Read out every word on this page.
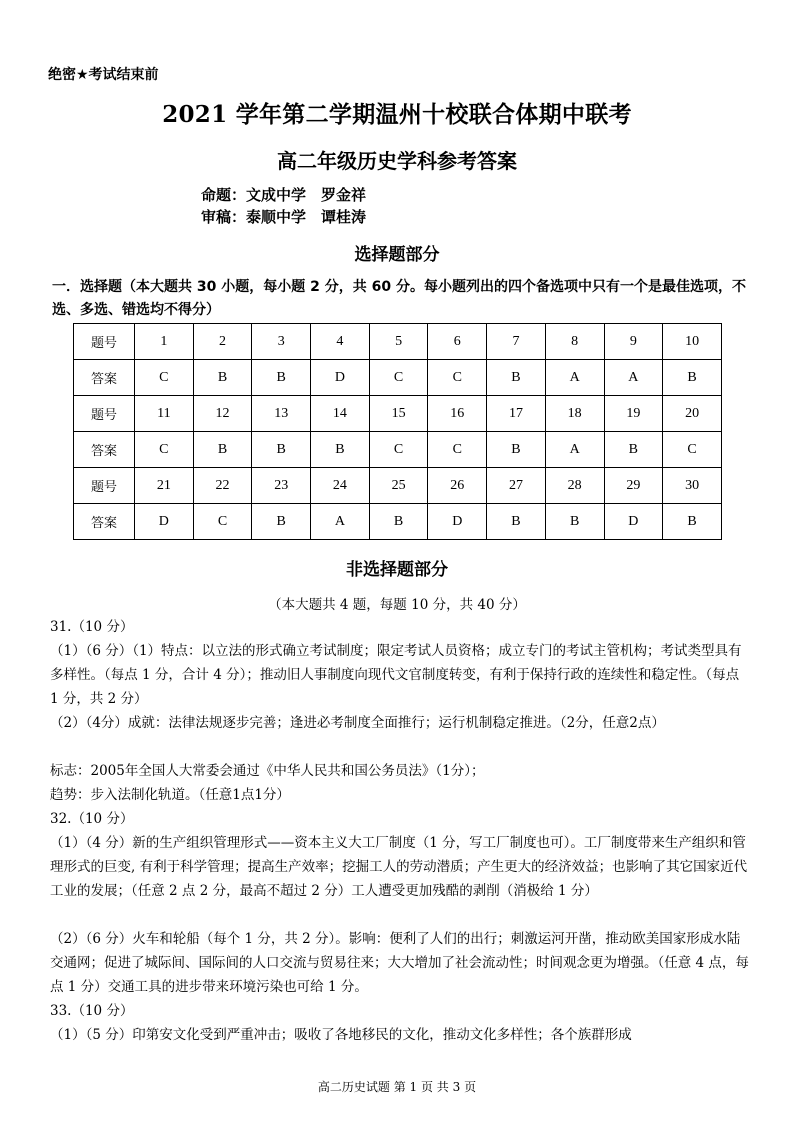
绝密★考试结束前
2021 学年第二学期温州十校联合体期中联考
高二年级历史学科参考答案
命题：文成中学　罗金祥
审稿：泰顺中学　谭桂涛
选择题部分
一．选择题（本大题共 30 小题，每小题 2 分，共 60 分。每小题列出的四个备选项中只有一个是最佳选项，不选、多选、错选均不得分）
题号	1	2	3	4	5	6	7	8	9	10
答案	C	B	B	D	C	C	B	A	A	B
题号	11	12	13	14	15	16	17	18	19	20
答案	C	B	B	B	C	C	B	A	B	C
题号	21	22	23	24	25	26	27	28	29	30
答案	D	C	B	A	B	D	B	B	D	B
非选择题部分
（本大题共 4 题，每题 10 分，共 40 分）
31.（10 分）
（1）（6 分）（1）特点：以立法的形式确立考试制度；限定考试人员资格；成立专门的考试主管机构；考试类型具有多样性。（每点 1 分，合计 4 分）；推动旧人事制度向现代文官制度转变，有利于保持行政的连续性和稳定性。（每点 1 分，共 2 分）
（2）（4分）成就：法律法规逐步完善；逢进必考制度全面推行；运行机制稳定推进。（2分，任意2点）
标志：2005年全国人大常委会通过《中华人民共和国公务员法》（1分）；
趋势：步入法制化轨道。（任意1点1分）
32.（10 分）
（1）（4 分）新的生产组织管理形式——资本主义大工厂制度（1 分，写工厂制度也可）。工厂制度带来生产组织和管理形式的巨变, 有利于科学管理；提高生产效率；挖掘工人的劳动潜质；产生更大的经济效益；也影响了其它国家近代工业的发展；（任意 2 点 2 分，最高不超过 2 分）工人遭受更加残酷的剥削（消极给 1 分）
（2）（6 分）火车和轮船（每个 1 分，共 2 分）。影响：便利了人们的出行；刺激运河开凿，推动欧美国家形成水陆交通网；促进了城际间、国际间的人口交流与贸易往来；大大增加了社会流动性；时间观念更为增强。（任意 4 点，每点 1 分）交通工具的进步带来环境污染也可给 1 分。
33.（10 分）
（1）（5 分）印第安文化受到严重冲击；吸收了各地移民的文化，推动文化多样性；各个族群形成
高二历史试题 第 1 页 共 3 页
